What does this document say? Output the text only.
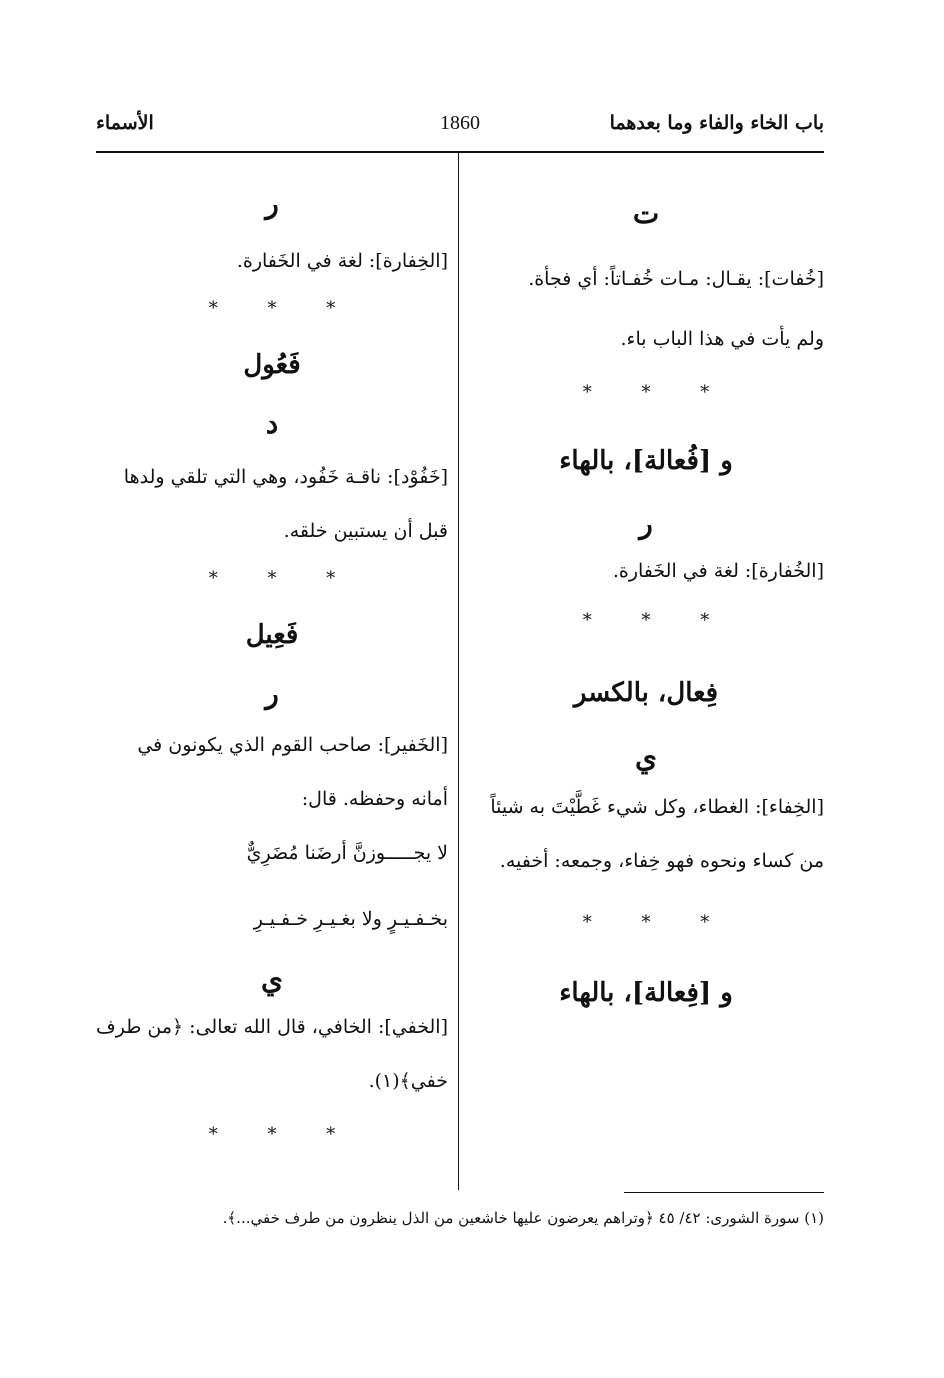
باب الخاء والفاء وما بعدهما
1860
الأسماء
ت
[خُفات]: يقـال: مـات خُفـاتاً: أي فجأة.
ولم يأت في هذا الباب باء.
* * *
و [فُعالة]، بالهاء
ر
[الخُفارة]: لغة في الخَفارة.
* * *
فِعال، بالكسر
ي
[الخِفاء]: الغطاء، وكل شيء غَطَّيْتَ به شيئاً من كساء ونحوه فهو خِفاء، وجمعه: أخفيه.
* * *
و [فِعالة]، بالهاء
ر
[الخِفارة]: لغة في الخَفارة.
* * *
فَعُول
د
[خَفُوْد]: ناقـة خَفُود، وهي التي تلقي ولدها قبل أن يستبين خلقه.
* * *
فَعِيل
ر
[الخَفير]: صاحب القوم الذي يكونون في أمانه وحفظه. قال:
لا يجـــــوزنَّ أرضَنا مُضَرِيٌّ
بخـفـيـرٍ ولا بغـيـرِ خـفـيـرِ
ي
[الخفي]: الخافي، قال الله تعالى: ﴿من طرف خفي﴾(١).
* * *
(١) سورة الشورى: ٤٢/ ٤٥ ﴿وتراهم يعرضون عليها خاشعين من الذل ينظرون من طرف خفي...﴾.
